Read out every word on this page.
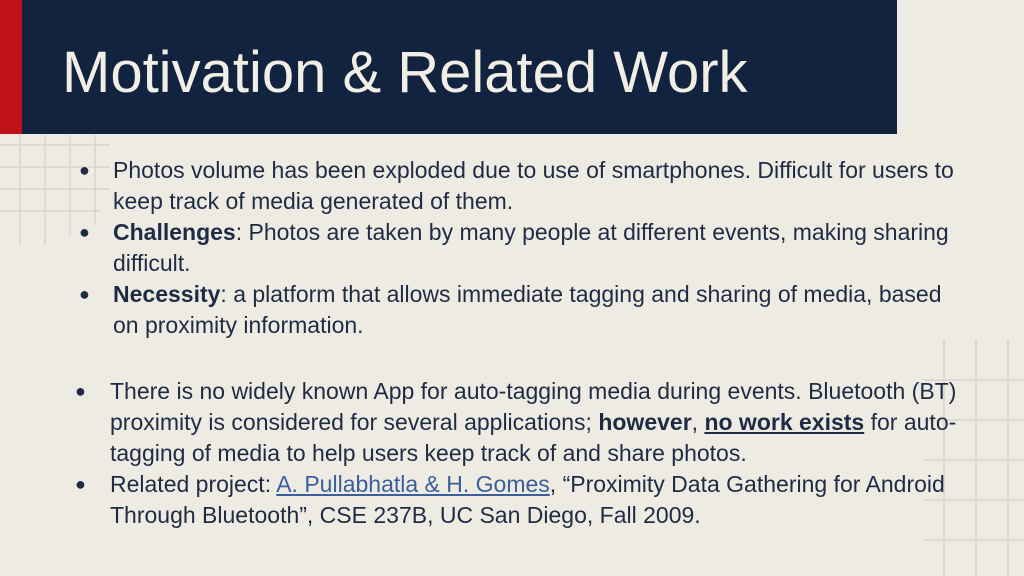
Motivation & Related Work
● Photos volume has been exploded due to use of smartphones. Difficult for users to keep track of media generated of them.
● Challenges: Photos are taken by many people at different events, making sharing difficult.
● Necessity: a platform that allows immediate tagging and sharing of media, based on proximity information.
● There is no widely known App for auto-tagging media during events. Bluetooth (BT) proximity is considered for several applications; however, no work exists for auto-tagging of media to help users keep track of and share photos.
● Related project: A. Pullabhatla & H. Gomes, “Proximity Data Gathering for Android Through Bluetooth”, CSE 237B, UC San Diego, Fall 2009.
